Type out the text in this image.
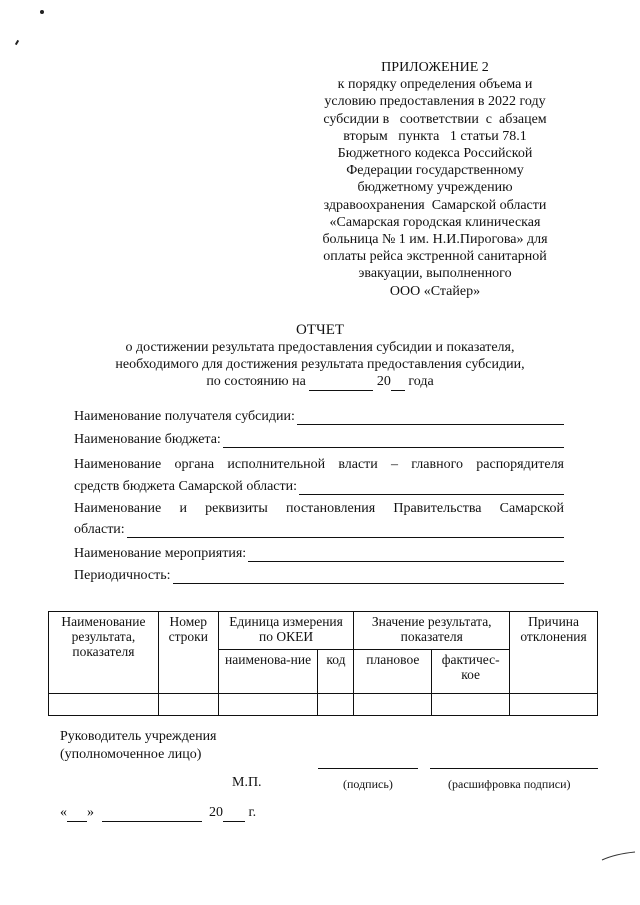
ПРИЛОЖЕНИЕ 2
к порядку определения объема и
условию предоставления в 2022 году
субсидии в   соответствии  с  абзацем
вторым   пункта   1 статьи 78.1
Бюджетного кодекса Российской
Федерации государственному
бюджетному учреждению
здравоохранения  Самарской области
«Самарская городская клиническая
больница № 1 им. Н.И.Пирогова» для
оплаты рейса экстренной санитарной
эвакуации, выполненного
ООО «Стайер»
ОТЧЕТ
о достижении результата предоставления субсидии и показателя,
необходимого для достижения результата предоставления субсидии,
по состоянию на	20 года
Наименование получателя субсидии:
Наименование бюджета:
Наименование органа исполнительной власти – главного распорядителя
средств бюджета Самарской области:
Наименование и реквизиты постановления Правительства Самарской
области:
Наименование мероприятия:
Периодичность:
Наименование результата, показателя	Номер строки	Единица измерения по ОКЕИ		Значение результата, показателя		Причина отклонения
		наименова-ние	код	плановое	фактичес-кое	

Руководитель учреждения
(уполномоченное лицо)
М.П.	(подпись)	(расшифровка подписи)
« »	20 г.
